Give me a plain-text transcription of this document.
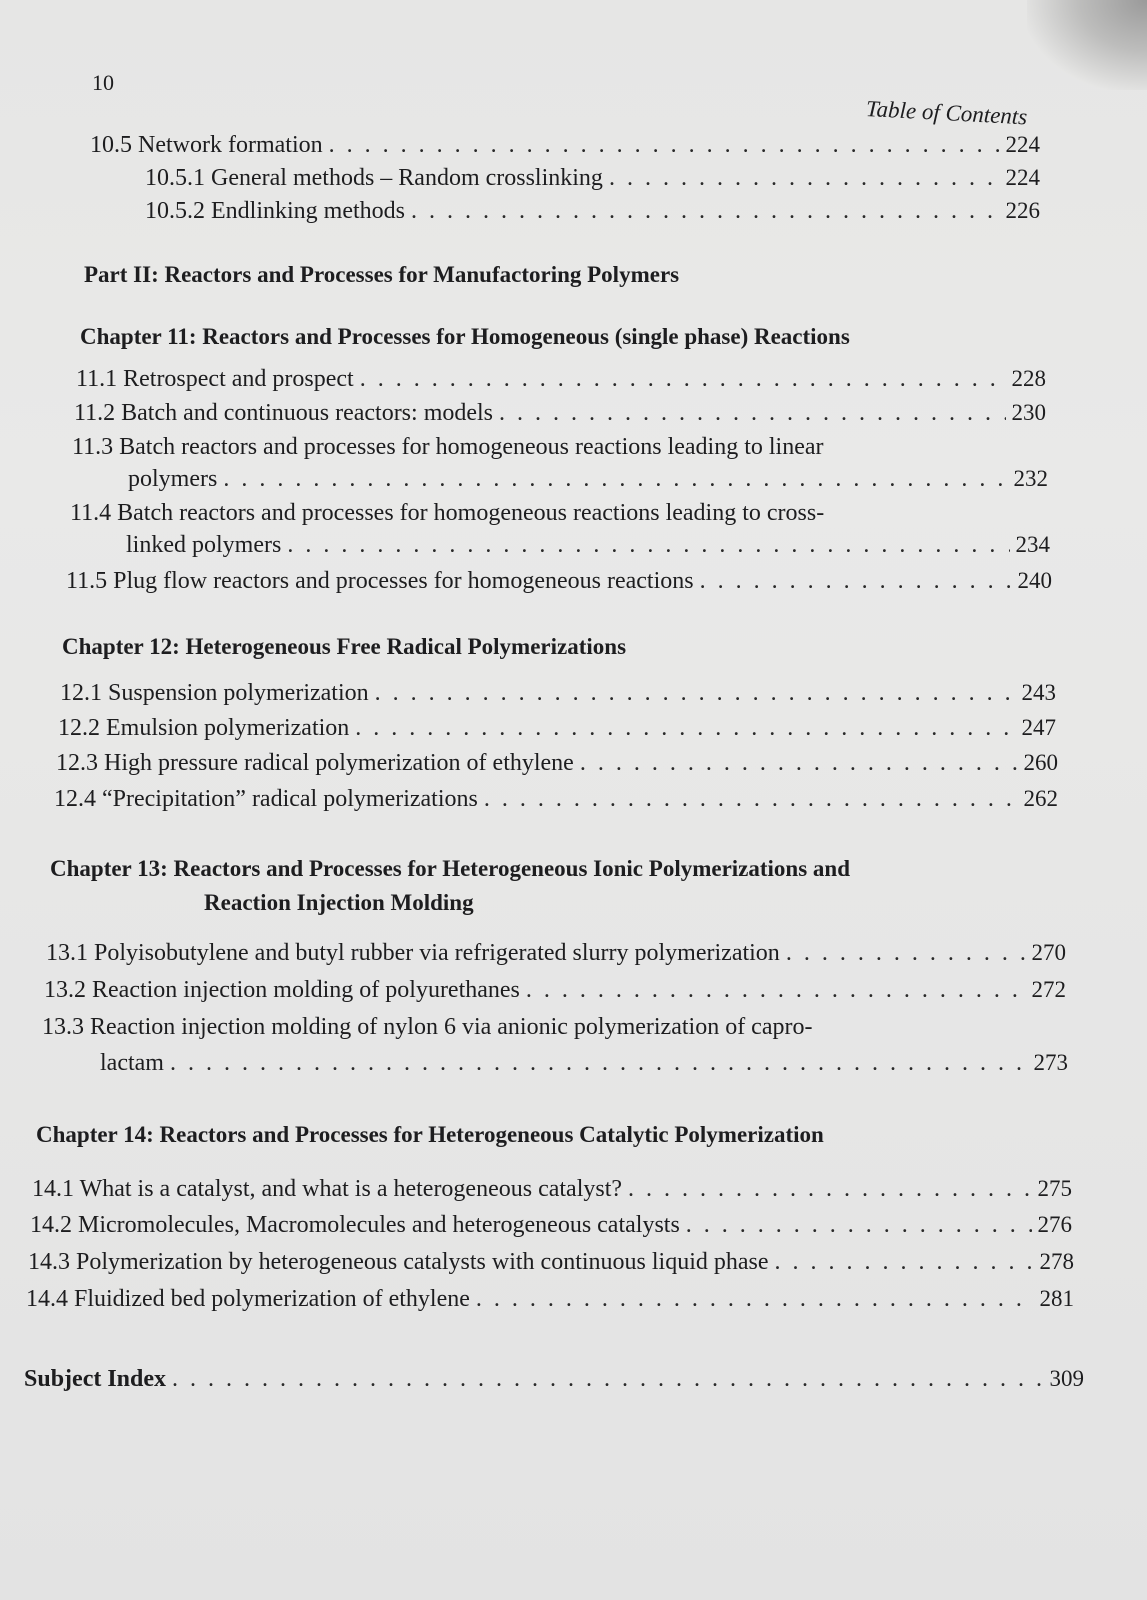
10
Table of Contents
10.5 Network formation . . .	224
10.5.1 General methods – Random crosslinking . . .	224
10.5.2 Endlinking methods . . .	226
Part II: Reactors and Processes for Manufactoring Polymers
Chapter 11: Reactors and Processes for Homogeneous (single phase) Reactions
11.1 Retrospect and prospect . . .	228
11.2 Batch and continuous reactors: models . . .	230
11.3 Batch reactors and processes for homogeneous reactions leading to linear
polymers . . .	232
11.4 Batch reactors and processes for homogeneous reactions leading to cross-
linked polymers . . .	234
11.5 Plug flow reactors and processes for homogeneous reactions . . .	240
Chapter 12: Heterogeneous Free Radical Polymerizations
12.1 Suspension polymerization . . .	243
12.2 Emulsion polymerization . . .	247
12.3 High pressure radical polymerization of ethylene . . .	260
12.4 “Precipitation” radical polymerizations . . .	262
Chapter 13: Reactors and Processes for Heterogeneous Ionic Polymerizations and
Reaction Injection Molding
13.1 Polyisobutylene and butyl rubber via refrigerated slurry polymerization . . .	270
13.2 Reaction injection molding of polyurethanes . . .	272
13.3 Reaction injection molding of nylon 6 via anionic polymerization of capro-
lactam . . .	273
Chapter 14: Reactors and Processes for Heterogeneous Catalytic Polymerization
14.1 What is a catalyst, and what is a heterogeneous catalyst? . . .	275
14.2 Micromolecules, Macromolecules and heterogeneous catalysts . . .	276
14.3 Polymerization by heterogeneous catalysts with continuous liquid phase . . .	278
14.4 Fluidized bed polymerization of ethylene . . .	281
Subject Index . . .	309
